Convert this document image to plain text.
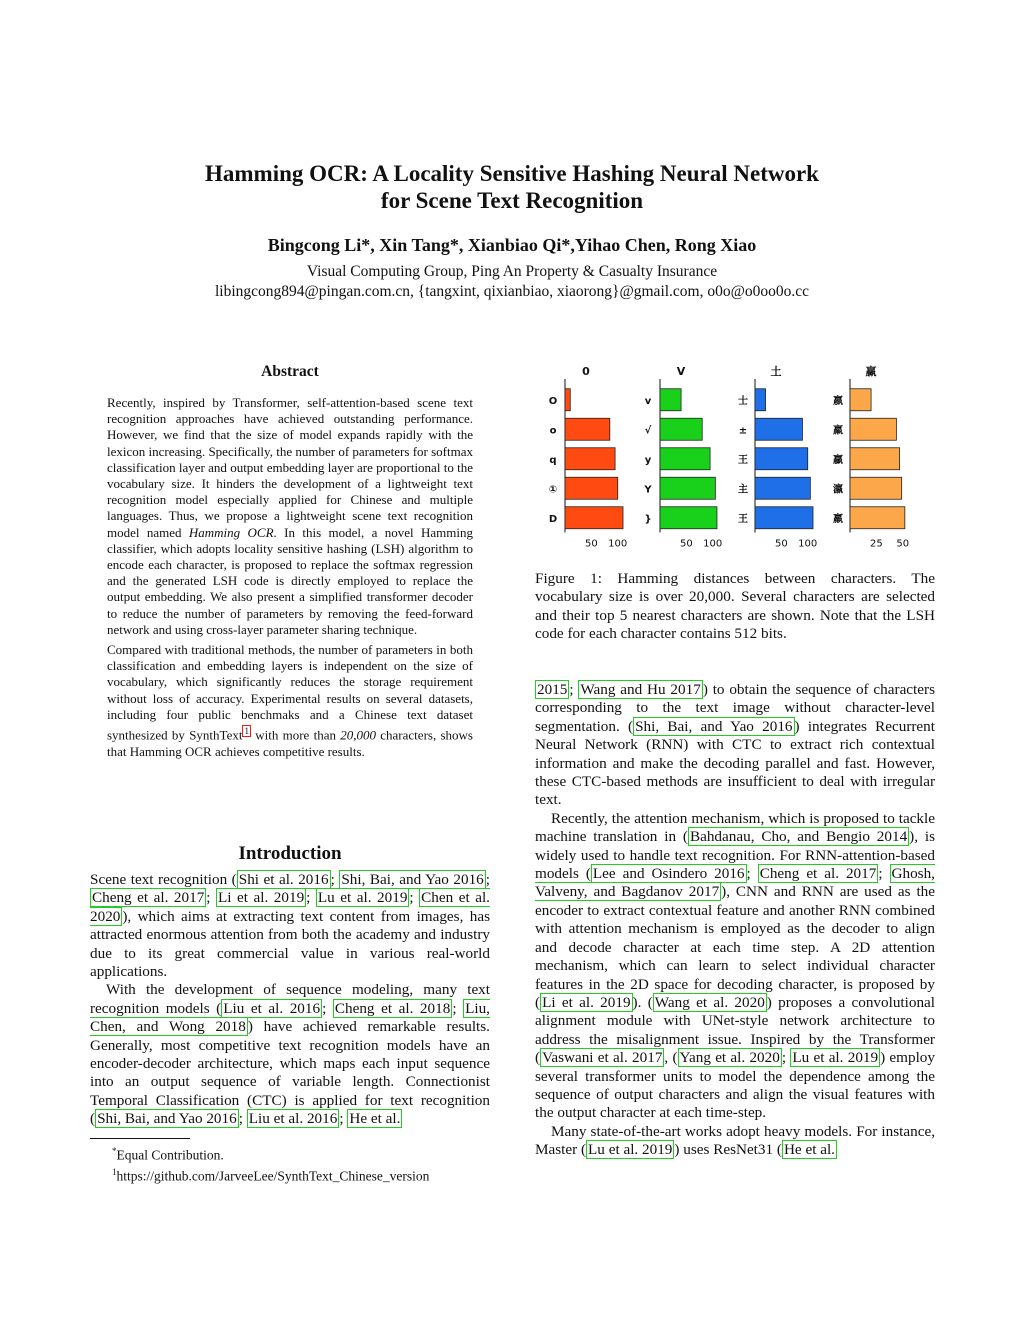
Hamming OCR: A Locality Sensitive Hashing Neural Network
for Scene Text Recognition
Bingcong Li*, Xin Tang*, Xianbiao Qi*,Yihao Chen, Rong Xiao
Visual Computing Group, Ping An Property & Casualty Insurance
libingcong894@pingan.com.cn, {tangxint, qixianbiao, xiaorong}@gmail.com, o0o@o0oo0o.cc
Abstract

Recently, inspired by Transformer, self-attention-based scene text recognition approaches have achieved outstanding performance. However, we find that the size of model expands rapidly with the lexicon increasing. Specifically, the number of parameters for softmax classification layer and output embedding layer are proportional to the vocabulary size. It hinders the development of a lightweight text recognition model especially applied for Chinese and multiple languages. Thus, we propose a lightweight scene text recognition model named Hamming OCR. In this model, a novel Hamming classifier, which adopts locality sensitive hashing (LSH) algorithm to encode each character, is proposed to replace the softmax regression and the generated LSH code is directly employed to replace the output embedding. We also present a simplified transformer decoder to reduce the number of parameters by removing the feed-forward network and using cross-layer parameter sharing technique.

Compared with traditional methods, the number of parameters in both classification and embedding layers is independent on the size of vocabulary, which significantly reduces the storage requirement without loss of accuracy. Experimental results on several datasets, including four public benchmaks and a Chinese text dataset synthesized by SynthText $^1$ with more than 20,000 characters, shows that Hamming OCR achieves competitive results.

Introduction

Scene text recognition ( Shi et al. 2016 ; Shi, Bai, and Yao 2016 ; Cheng et al. 2017 ; Li et al. 2019 ; Lu et al. 2019 ; Chen et al. 2020 ), which aims at extracting text content from images, has attracted enormous attention from both the academy and industry due to its great commercial value in various real-world applications.

With the development of sequence modeling, many text recognition models ( Liu et al. 2016 ; Cheng et al. 2018 ; Liu, Chen, and Wong 2018 ) have achieved remarkable results. Generally, most competitive text recognition models have an encoder-decoder architecture, which maps each input sequence into an output sequence of variable length. Connectionist Temporal Classification (CTC) is applied for text recognition ( Shi, Bai, and Yao 2016 ; Liu et al. 2016 ; He et al.

*Equal Contribution.
$^1$https://github.com/JarveeLee/SynthText_Chinese_version
0
O
o
q
①
D
50 100
V
v
√
y
Y
}
50 100
土
士
±
王
主
王
50 100
赢
嬴
羸
贏
瀛
羸
25 50
Figure 1: Hamming distances between characters. The vocabulary size is over 20,000. Several characters are selected and their top 5 nearest characters are shown. Note that the LSH code for each character contains 512 bits.

2015 ; Wang and Hu 2017 ) to obtain the sequence of characters corresponding to the text image without character-level segmentation. ( Shi, Bai, and Yao 2016 ) integrates Recurrent Neural Network (RNN) with CTC to extract rich contextual information and make the decoding parallel and fast. However, these CTC-based methods are insufficient to deal with irregular text.

Recently, the attention mechanism, which is proposed to tackle machine translation in ( Bahdanau, Cho, and Bengio 2014 ), is widely used to handle text recognition. For RNN-attention-based models ( Lee and Osindero 2016 ; Cheng et al. 2017 ; Ghosh, Valveny, and Bagdanov 2017 ), CNN and RNN are used as the encoder to extract contextual feature and another RNN combined with attention mechanism is employed as the decoder to align and decode character at each time step. A 2D attention mechanism, which can learn to select individual character features in the 2D space for decoding character, is proposed by ( Li et al. 2019 ). ( Wang et al. 2020 ) proposes a convolutional alignment module with UNet-style network architecture to address the misalignment issue. Inspired by the Transformer ( Vaswani et al. 2017 , ( Yang et al. 2020 ; Lu et al. 2019 ) employ several transformer units to model the dependence among the sequence of output characters and align the visual features with the output character at each time-step.

Many state-of-the-art works adopt heavy models. For instance, Master ( Lu et al. 2019 ) uses ResNet31 ( He et al.
